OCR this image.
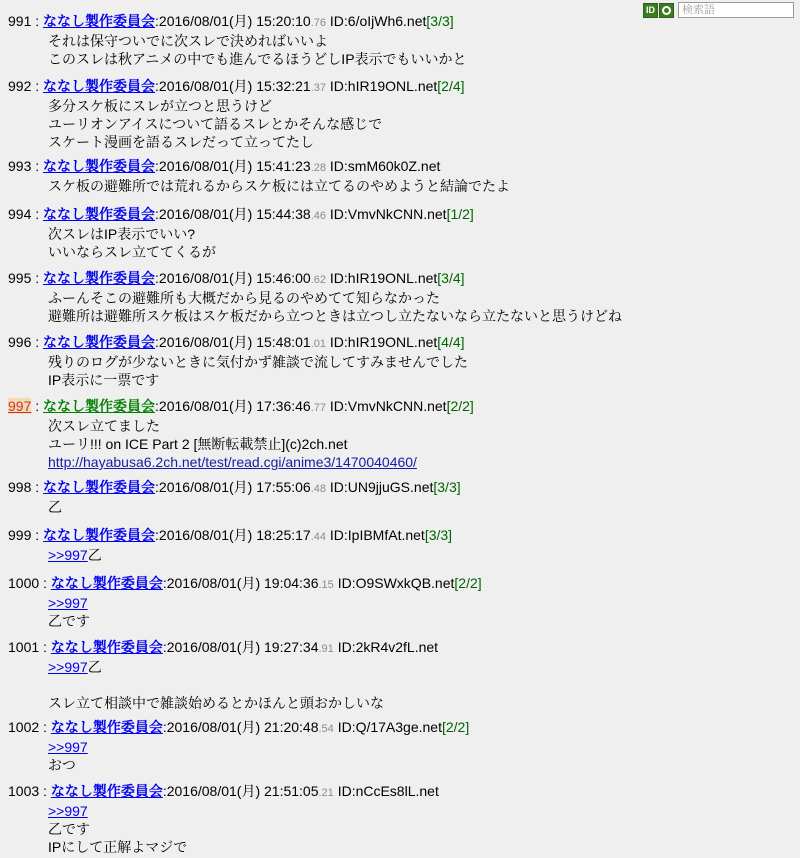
991 : ななし製作委員会:2016/08/01(月) 15:20:10.76 ID:6/oIjWh6.net[3/3]
それは保守ついでに次スレで決めればいいよ
このスレは秋アニメの中でも進んでるほうどしIP表示でもいいかと
992 : ななし製作委員会:2016/08/01(月) 15:32:21.37 ID:hIR19ONL.net[2/4]
多分スケ板にスレが立つと思うけど
ユーリオンアイスについて語るスレとかそんな感じで
スケート漫画を語るスレだって立ってたし
993 : ななし製作委員会:2016/08/01(月) 15:41:23.28 ID:smM60k0Z.net
スケ板の避難所では荒れるからスケ板には立てるのやめようと結論でたよ
994 : ななし製作委員会:2016/08/01(月) 15:44:38.46 ID:VmvNkCNN.net[1/2]
次スレはIP表示でいい?
いいならスレ立ててくるが
995 : ななし製作委員会:2016/08/01(月) 15:46:00.62 ID:hIR19ONL.net[3/4]
ふーんそこの避難所も大概だから見るのやめてて知らなかった
避難所は避難所スケ板はスケ板だから立つときは立つし立たないなら立たないと思うけどね
996 : ななし製作委員会:2016/08/01(月) 15:48:01.01 ID:hIR19ONL.net[4/4]
残りのログが少ないときに気付かず雑談で流してすみませんでした
IP表示に一票です
997 : ななし製作委員会:2016/08/01(月) 17:36:46.77 ID:VmvNkCNN.net[2/2]
次スレ立てました
ユーリ!!! on ICE Part 2 [無断転載禁止](c)2ch.net
http://hayabusa6.2ch.net/test/read.cgi/anime3/1470040460/
998 : ななし製作委員会:2016/08/01(月) 17:55:06.48 ID:UN9jjuGS.net[3/3]
乙
999 : ななし製作委員会:2016/08/01(月) 18:25:17.44 ID:IpIBMfAt.net[3/3]
>>997乙
1000 : ななし製作委員会:2016/08/01(月) 19:04:36.15 ID:O9SWxkQB.net[2/2]
>>997
乙です
1001 : ななし製作委員会:2016/08/01(月) 19:27:34.91 ID:2kR4v2fL.net
>>997乙
スレ立て相談中で雑談始めるとかほんと頭おかしいな
1002 : ななし製作委員会:2016/08/01(月) 21:20:48.54 ID:Q/17A3ge.net[2/2]
>>997
おつ
1003 : ななし製作委員会:2016/08/01(月) 21:51:05.21 ID:nCcEs8lL.net
>>997
乙です
IPにして正解よマジで
ID
検索語
